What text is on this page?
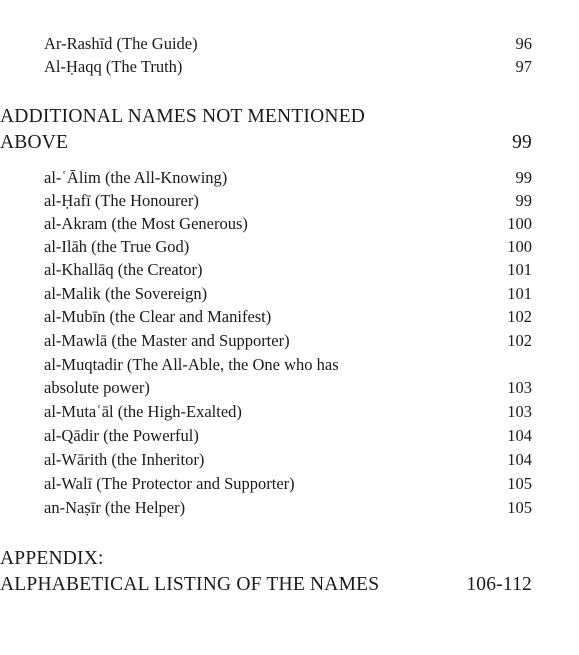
Ar-Rashīd (The Guide)	96
Al-Ḥaqq (The Truth)	97
ADDITIONAL NAMES NOT MENTIONED
ABOVE	99
al-ʿĀlim (the All-Knowing)	99
al-Ḥafī (The Honourer)	99
al-Akram (the Most Generous)	100
al-Ilāh (the True God)	100
al-Khallāq (the Creator)	101
al-Malik (the Sovereign)	101
al-Mubīn (the Clear and Manifest)	102
al-Mawlā (the Master and Supporter)	102
al-Muqtadir (The All-Able, the One who has
absolute power)	103
al-Mutaʿāl (the High-Exalted)	103
al-Qādir (the Powerful)	104
al-Wārith (the Inheritor)	104
al-Walī (The Protector and Supporter)	105
an-Naṣīr (the Helper)	105
APPENDIX:
ALPHABETICAL LISTING OF THE NAMES	106-112
